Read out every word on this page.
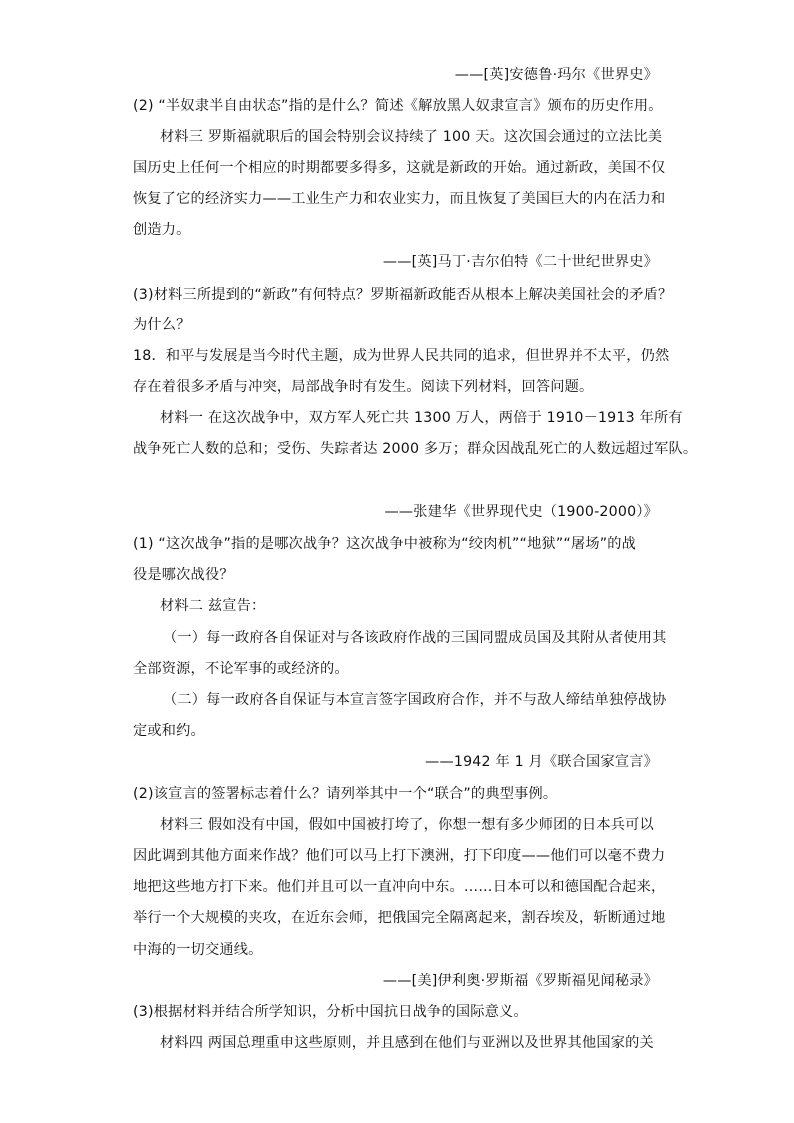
——[英]安德鲁·玛尔《世界史》
(2) “半奴隶半自由状态”指的是什么？简述《解放黑人奴隶宣言》颁布的历史作用。
材料三 罗斯福就职后的国会特别会议持续了 100 天。这次国会通过的立法比美
国历史上任何一个相应的时期都要多得多，这就是新政的开始。通过新政，美国不仅
恢复了它的经济实力——工业生产力和农业实力，而且恢复了美国巨大的内在活力和
创造力。
——[英]马丁·吉尔伯特《二十世纪世界史》
(3)材料三所提到的“新政”有何特点？罗斯福新政能否从根本上解决美国社会的矛盾？
为什么？
18．和平与发展是当今时代主题，成为世界人民共同的追求，但世界并不太平，仍然
存在着很多矛盾与冲突，局部战争时有发生。阅读下列材料，回答问题。
材料一 在这次战争中，双方军人死亡共 1300 万人，两倍于 1910－1913 年所有
战争死亡人数的总和；受伤、失踪者达 2000 多万；群众因战乱死亡的人数远超过军队。
——张建华《世界现代史（1900-2000）》
(1) “这次战争”指的是哪次战争？这次战争中被称为“绞肉机”“地狱”“屠场”的战
役是哪次战役？
材料二 兹宣告：
（一）每一政府各自保证对与各该政府作战的三国同盟成员国及其附从者使用其
全部资源，不论军事的或经济的。
（二）每一政府各自保证与本宣言签字国政府合作，并不与敌人缔结单独停战协
定或和约。
——1942 年 1 月《联合国家宣言》
(2)该宣言的签署标志着什么？请列举其中一个“联合”的典型事例。
材料三 假如没有中国，假如中国被打垮了，你想一想有多少师团的日本兵可以
因此调到其他方面来作战？他们可以马上打下澳洲，打下印度——他们可以毫不费力
地把这些地方打下来。他们并且可以一直冲向中东。……日本可以和德国配合起来，
举行一个大规模的夹攻，在近东会师，把俄国完全隔离起来，割吞埃及，斩断通过地
中海的一切交通线。
——[美]伊利奥·罗斯福《罗斯福见闻秘录》
(3)根据材料并结合所学知识，分析中国抗日战争的国际意义。
材料四 两国总理重申这些原则，并且感到在他们与亚洲以及世界其他国家的关
